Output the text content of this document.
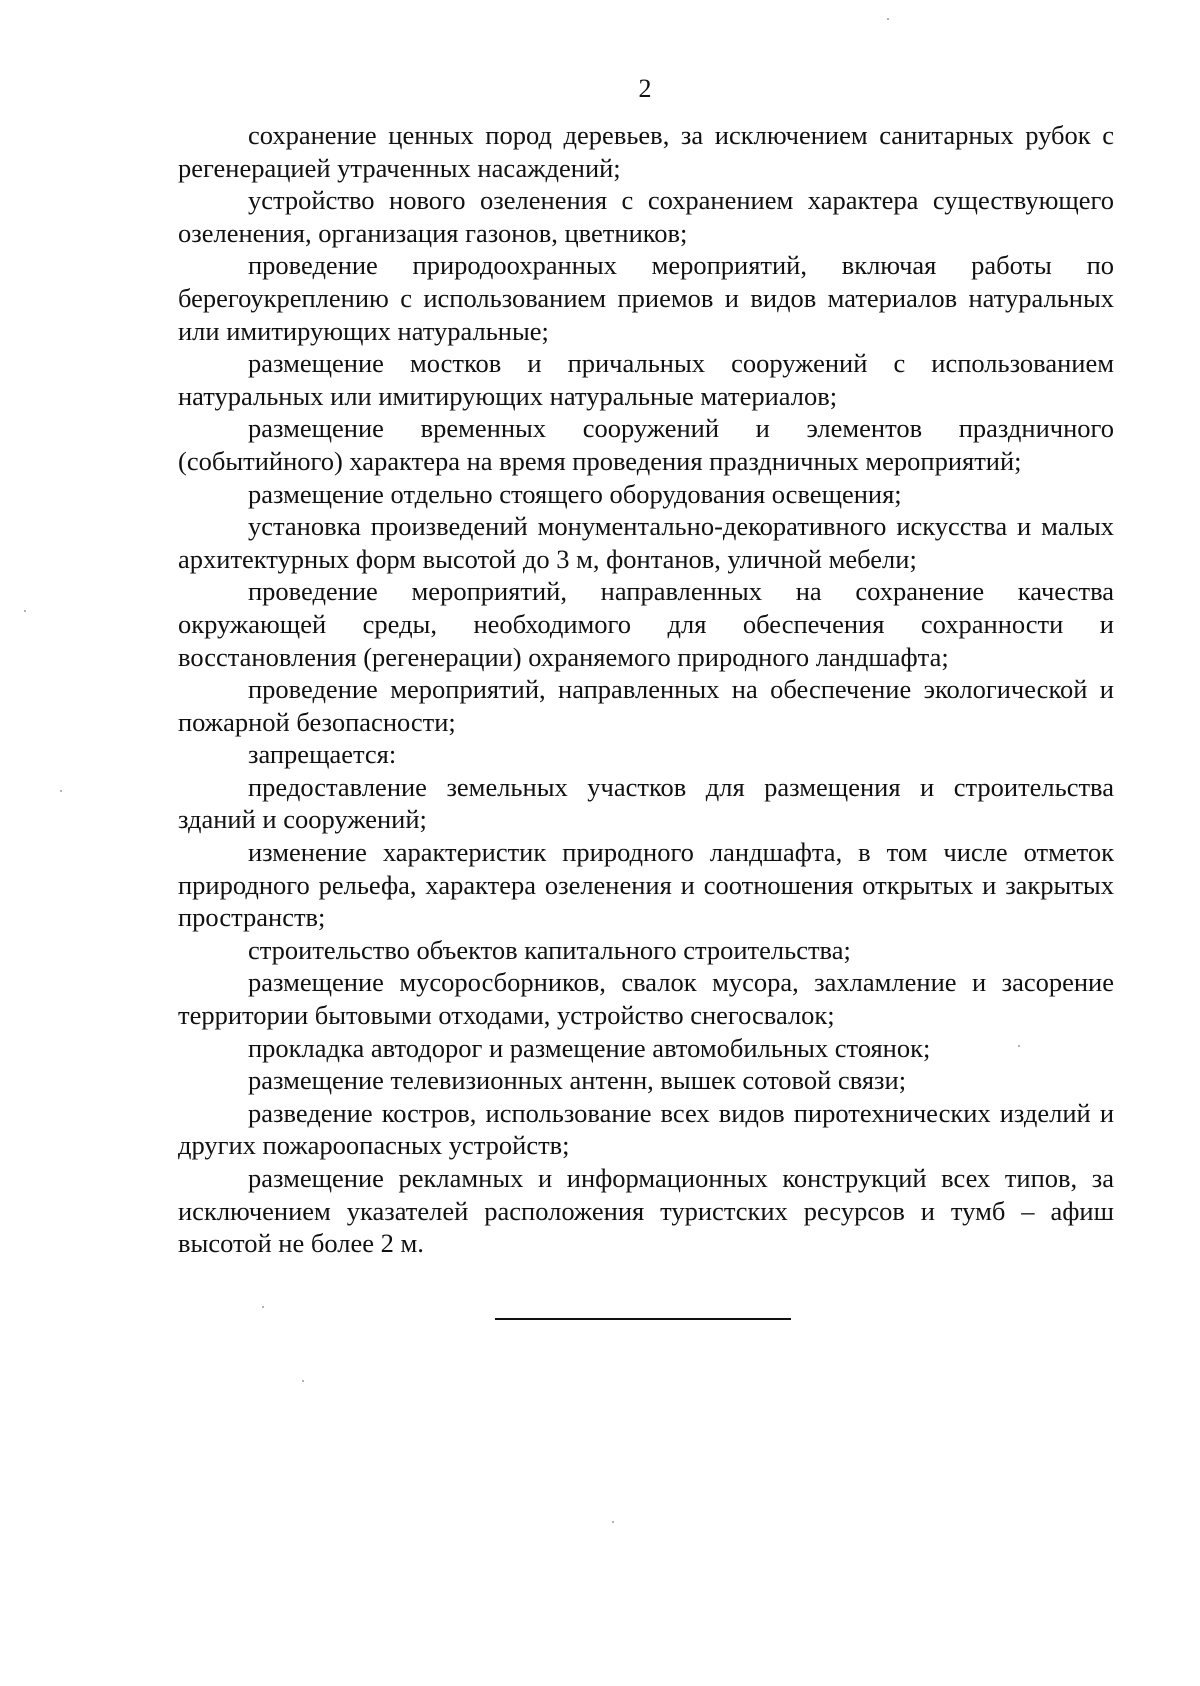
2

сохранение ценных пород деревьев, за исключением санитарных рубок с регенерацией утраченных насаждений;

устройство нового озеленения с сохранением характера существующего озеленения, организация газонов, цветников;

проведение природоохранных мероприятий, включая работы по берегоукреплению с использованием приемов и видов материалов натуральных или имитирующих натуральные;

размещение мостков и причальных сооружений с использованием натуральных или имитирующих натуральные материалов;

размещение временных сооружений и элементов праздничного (событийного) характера на время проведения праздничных мероприятий;

размещение отдельно стоящего оборудования освещения;

установка произведений монументально-декоративного искусства и малых архитектурных форм высотой до 3 м, фонтанов, уличной мебели;

проведение мероприятий, направленных на сохранение качества окружающей среды, необходимого для обеспечения сохранности и восстановления (регенерации) охраняемого природного ландшафта;

проведение мероприятий, направленных на обеспечение экологической и пожарной безопасности;

запрещается:

предоставление земельных участков для размещения и строительства зданий и сооружений;

изменение характеристик природного ландшафта, в том числе отметок природного рельефа, характера озеленения и соотношения открытых и закрытых пространств;

строительство объектов капитального строительства;

размещение мусоросборников, свалок мусора, захламление и засорение территории бытовыми отходами, устройство снегосвалок;

прокладка автодорог и размещение автомобильных стоянок;

размещение телевизионных антенн, вышек сотовой связи;

разведение костров, использование всех видов пиротехнических изделий и других пожароопасных устройств;

размещение рекламных и информационных конструкций всех типов, за исключением указателей расположения туристских ресурсов и тумб – афиш высотой не более 2 м.
